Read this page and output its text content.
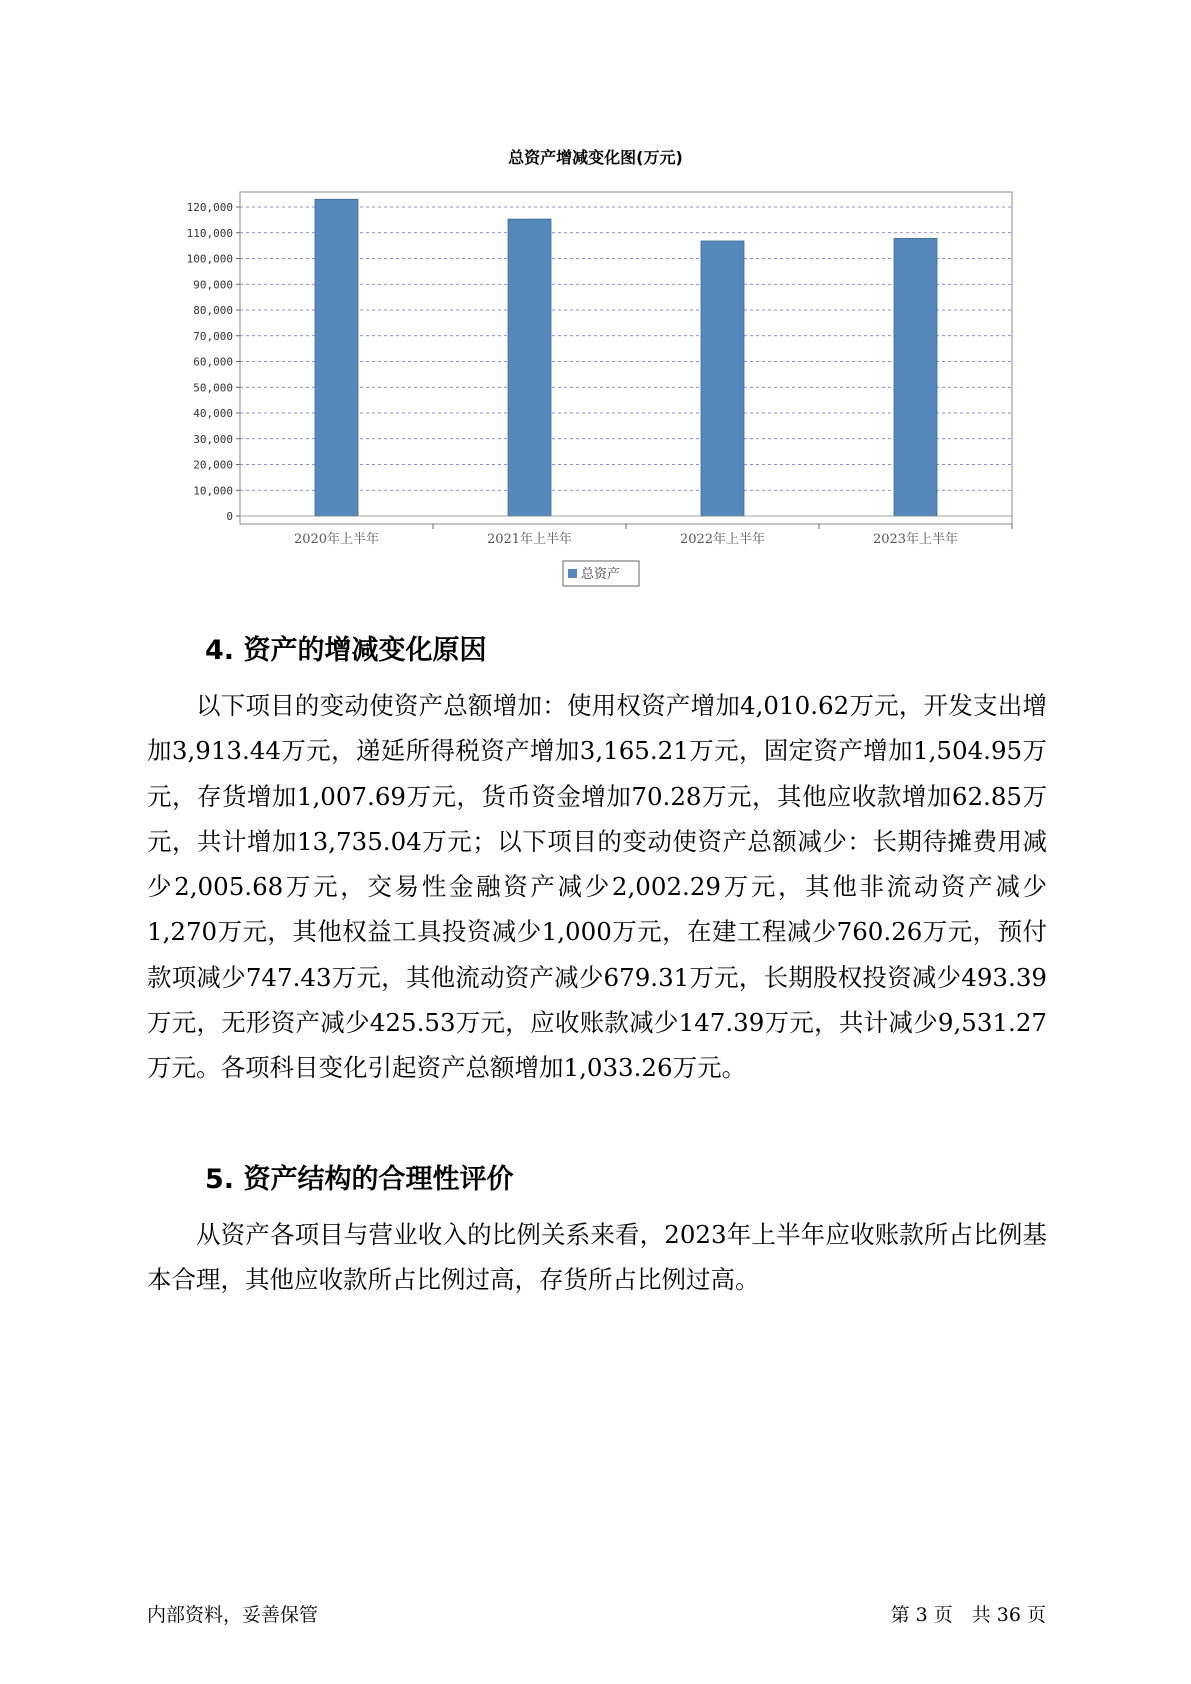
总资产增减变化图(万元)
0
10,000
20,000
30,000
40,000
50,000
60,000
70,000
80,000
90,000
100,000
110,000
120,000
2020年上半年	2021年上半年	2022年上半年	2023年上半年
总资产
4. 资产的增减变化原因

以下项目的变动使资产总额增加：使用权资产增加4,010.62万元，开发支出增加3,913.44万元，递延所得税资产增加3,165.21万元，固定资产增加1,504.95万元，存货增加1,007.69万元，货币资金增加70.28万元，其他应收款增加62.85万元，共计增加13,735.04万元；以下项目的变动使资产总额减少：长期待摊费用减少2,005.68万元，交易性金融资产减少2,002.29万元，其他非流动资产减少1,270万元，其他权益工具投资减少1,000万元，在建工程减少760.26万元，预付款项减少747.43万元，其他流动资产减少679.31万元，长期股权投资减少493.39万元，无形资产减少425.53万元，应收账款减少147.39万元，共计减少9,531.27万元。各项科目变化引起资产总额增加1,033.26万元。

5. 资产结构的合理性评价

从资产各项目与营业收入的比例关系来看，2023年上半年应收账款所占比例基本合理，其他应收款所占比例过高，存货所占比例过高。

内部资料，妥善保管	第 3 页　共 36 页
